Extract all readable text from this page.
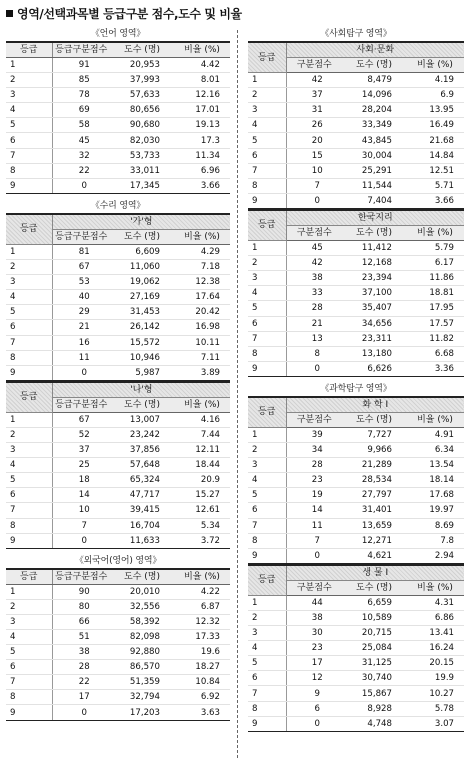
영역/선택과목별 등급구분 점수,도수 및 비율
《언어 영역》
등급	등급구분점수	도수 (명)	비율 (%)
1	91	20,953	4.42
2	85	37,993	8.01
3	78	57,633	12.16
4	69	80,656	17.01
5	58	90,680	19.13
6	45	82,030	17.3
7	32	53,733	11.34
8	22	33,011	6.96
9	0	17,345	3.66
《수리 영역》
등급	'가'형		
	등급구분점수	도수 (명)	비율 (%)
1	81	6,609	4.29
2	67	11,060	7.18
3	53	19,062	12.38
4	40	27,169	17.64
5	29	31,453	20.42
6	21	26,142	16.98
7	16	15,572	10.11
8	11	10,946	7.11
9	0	5,987	3.89
등급	'나'형		
	등급구분점수	도수 (명)	비율 (%)
1	67	13,007	4.16
2	52	23,242	7.44
3	37	37,856	12.11
4	25	57,648	18.44
5	18	65,324	20.9
6	14	47,717	15.27
7	10	39,415	12.61
8	7	16,704	5.34
9	0	11,633	3.72
《외국어(영어) 영역》
등급	등급구분점수	도수 (명)	비율 (%)
1	90	20,010	4.22
2	80	32,556	6.87
3	66	58,392	12.32
4	51	82,098	17.33
5	38	92,880	19.6
6	28	86,570	18.27
7	22	51,359	10.84
8	17	32,794	6.92
9	0	17,203	3.63
《사회탐구 영역》
등급	사회·문화		
	구분점수	도수 (명)	비율 (%)
1	42	8,479	4.19
2	37	14,096	6.9
3	31	28,204	13.95
4	26	33,349	16.49
5	20	43,845	21.68
6	15	30,004	14.84
7	10	25,291	12.51
8	7	11,544	5.71
9	0	7,404	3.66
등급	한국지리		
	구분점수	도수 (명)	비율 (%)
1	45	11,412	5.79
2	42	12,168	6.17
3	38	23,394	11.86
4	33	37,100	18.81
5	28	35,407	17.95
6	21	34,656	17.57
7	13	23,311	11.82
8	8	13,180	6.68
9	0	6,626	3.36
《과학탐구 영역》
등급	화 학 Ⅰ		
	구분점수	도수 (명)	비율 (%)
1	39	7,727	4.91
2	34	9,966	6.34
3	28	21,289	13.54
4	23	28,534	18.14
5	19	27,797	17.68
6	14	31,401	19.97
7	11	13,659	8.69
8	7	12,271	7.8
9	0	4,621	2.94
등급	생 물 Ⅰ		
	구분점수	도수 (명)	비율 (%)
1	44	6,659	4.31
2	38	10,589	6.86
3	30	20,715	13.41
4	23	25,084	16.24
5	17	31,125	20.15
6	12	30,740	19.9
7	9	15,867	10.27
8	6	8,928	5.78
9	0	4,748	3.07
